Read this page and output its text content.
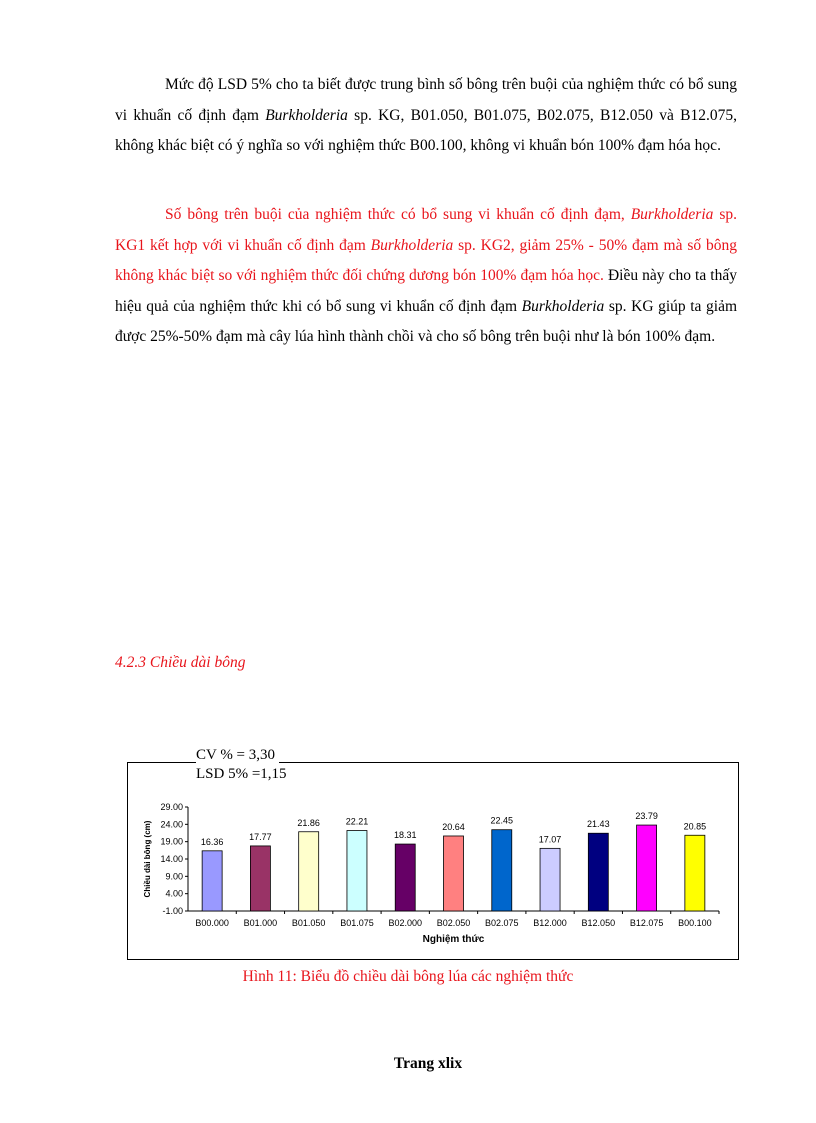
Mức độ LSD 5% cho ta biết được trung bình số bông trên buội của nghiệm thức có bổ sung vi khuẩn cố định đạm Burkholderia sp. KG, B01.050, B01.075, B02.075, B12.050 và B12.075, không khác biệt có ý nghĩa so với nghiệm thức B00.100, không vi khuẩn bón 100% đạm hóa học.

Số bông trên buội của nghiệm thức có bổ sung vi khuẩn cố định đạm, Burkholderia sp. KG1 kết hợp với vi khuẩn cố định đạm Burkholderia sp. KG2, giảm 25% - 50% đạm mà số bông không khác biệt so với nghiệm thức đối chứng dương bón 100% đạm hóa học. Điều này cho ta thấy hiệu quả của nghiệm thức khi có bổ sung vi khuẩn cố định đạm Burkholderia sp. KG giúp ta giảm được 25%-50% đạm mà cây lúa hình thành chồi và cho số bông trên buội như là bón 100% đạm.

4.2.3 Chiều dài bông
CV % = 3,30
LSD 5% =1,15
-1.00
4.00
9.00
14.00
19.00
24.00
29.00
16.36
B00.000
17.77
B01.000
21.86
B01.050
22.21
B01.075
18.31
B02.000
20.64
B02.050
22.45
B02.075
17.07
B12.000
21.43
B12.050
23.79
B12.075
20.85
B00.100
Nghiệm thức
Chiều dài bông (cm)

Hình 11: Biểu đồ chiều dài bông lúa các nghiệm thức

Trang xlix
